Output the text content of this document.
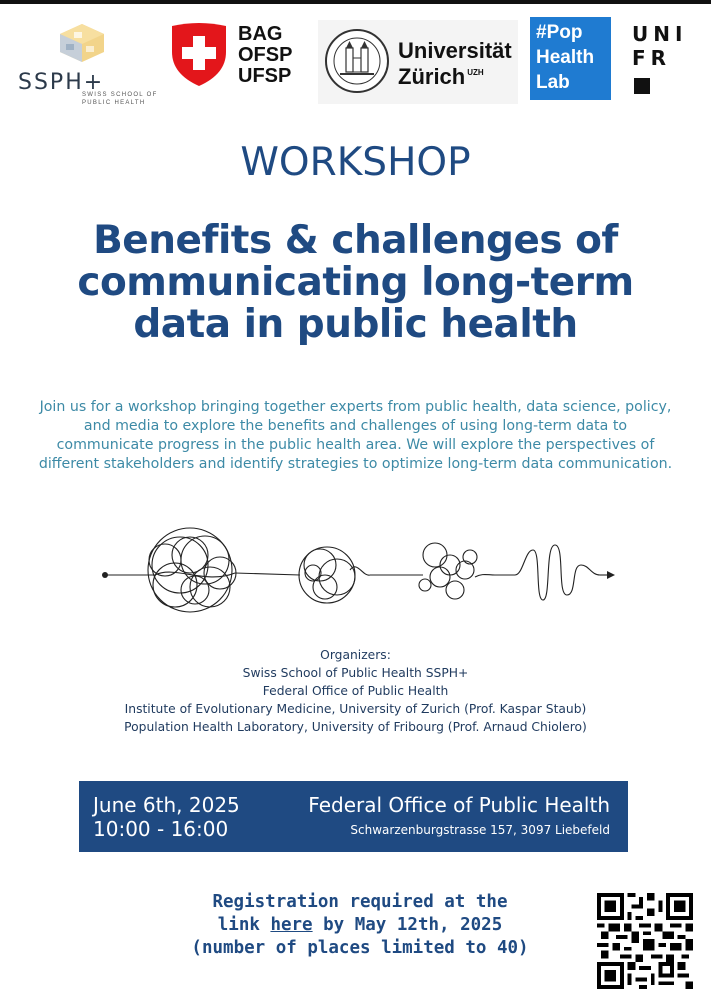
SSPH+
SWISS SCHOOL OF
PUBLIC HEALTH
BAG
OFSP
UFSP
Universität
Zürich $^{UZH}$
#Pop
Health
Lab
UNI
FR
WORKSHOP
Benefits & challenges of
communicating long-term
data in public health
Join us for a workshop bringing together experts from public health, data science, policy,
and media to explore the benefits and challenges of using long-term data to
communicate progress in the public health area. We will explore the perspectives of
different stakeholders and identify strategies to optimize long-term data communication.
Organizers:
Swiss School of Public Health SSPH+
Federal Office of Public Health
Institute of Evolutionary Medicine, University of Zurich (Prof. Kaspar Staub)
Population Health Laboratory, University of Fribourg (Prof. Arnaud Chiolero)
June 6th, 2025
10:00 - 16:00
Federal Office of Public Health
Schwarzenburgstrasse 157, 3097 Liebefeld
Registration required at the
link here by May 12th, 2025
(number of places limited to 40)
